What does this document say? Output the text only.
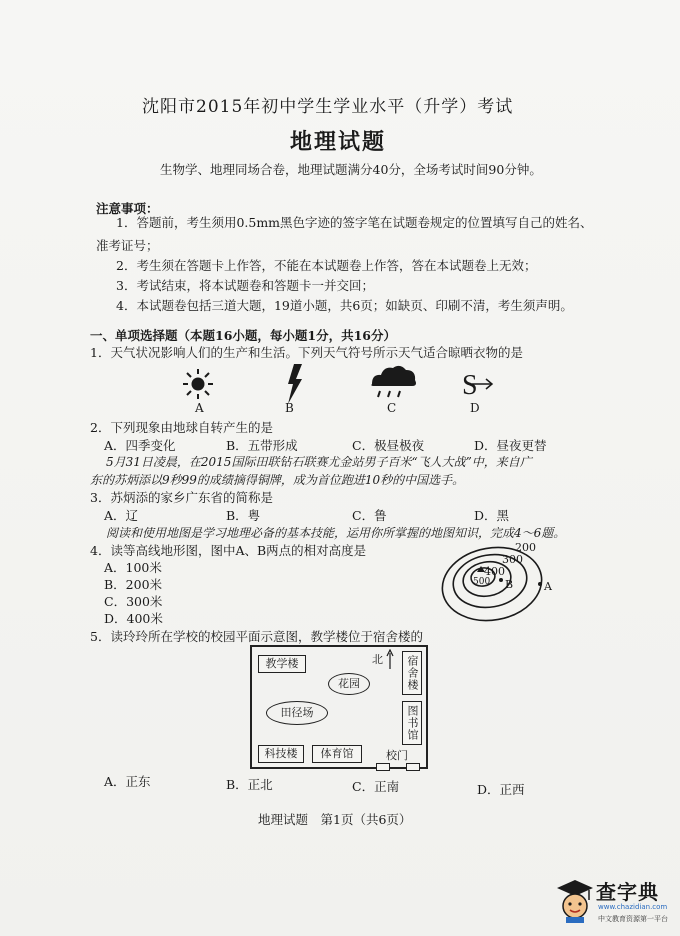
沈阳市2015年初中学生学业水平（升学）考试
地理试题
生物学、地理同场合卷，地理试题满分40分，全场考试时间90分钟。
注意事项：
1．答题前，考生须用0.5mm黑色字迹的签字笔在试题卷规定的位置填写自己的姓名、
准考证号；
2．考生须在答题卡上作答，不能在本试题卷上作答，答在本试题卷上无效；
3．考试结束，将本试题卷和答题卡一并交回；
4．本试题卷包括三道大题，19道小题，共6页；如缺页、印刷不清，考生须声明。
一、单项选择题（本题16小题，每小题1分，共16分）
1．天气状况影响人们的生产和生活。下列天气符号所示天气适合晾晒衣物的是
S
A	B	C	D
2．下列现象由地球自转产生的是
A．四季变化	B．五带形成	C．极昼极夜	D．昼夜更替
5月31日凌晨，在2015国际田联钻石联赛尤金站男子百米“飞人大战”中，来自广
东的苏炳添以9秒99的成绩摘得铜牌，成为首位跑进10秒的中国选手。
3．苏炳添的家乡广东省的简称是
A．辽	B．粤	C．鲁	D．黑
阅读和使用地图是学习地理必备的基本技能，运用你所掌握的地图知识，完成4～6题。
4．读等高线地形图，图中A、B两点的相对高度是
A．100米
B．200米
C．300米
D．400米
200
300
400
500	A
B
5．读玲玲所在学校的校园平面示意图，教学楼位于宿舍楼的
教学楼
花园
田径场
科技楼	体育馆
宿舍楼
图书馆
北
校门
A．正东	B．正北	C．正南	D．正西
地理试题　第1页（共6页）
查字典
www.chazidian.com
中文教育资源第一平台
